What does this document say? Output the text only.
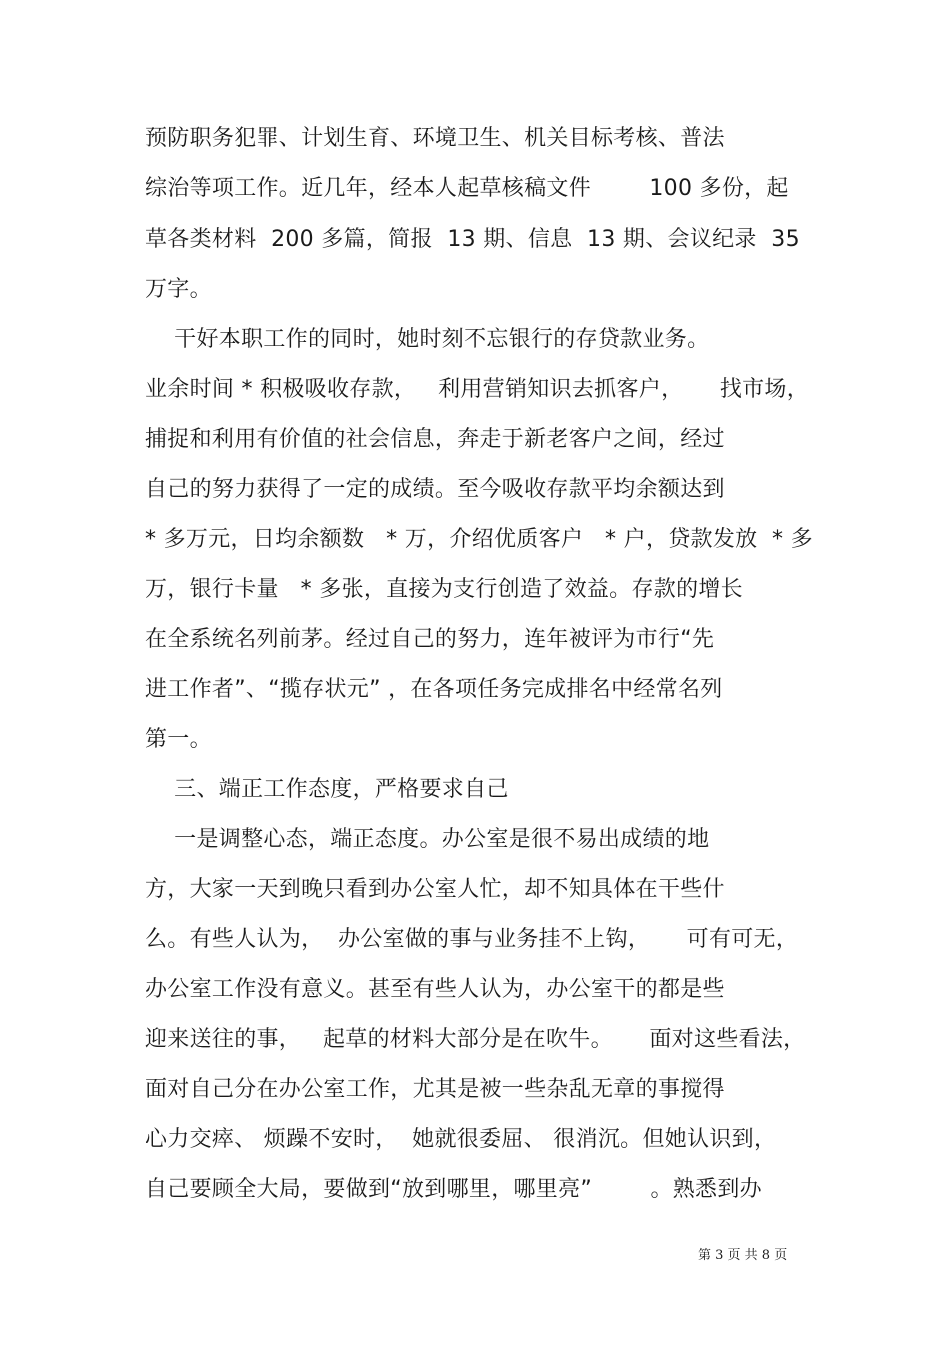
预防职务犯罪、计划生育、环境卫生、机关目标考核、普法
综治等项工作。近几年，经本人起草核稿文件        100 多份，起
草各类材料  200 多篇，简报  13 期、信息  13 期、会议纪录  35
万字。
干好本职工作的同时，她时刻不忘银行的存贷款业务。
业余时间 * 积极吸收存款，   利用营销知识去抓客户，     找市场，
捕捉和利用有价值的社会信息，奔走于新老客户之间，经过
自己的努力获得了一定的成绩。至今吸收存款平均余额达到
* 多万元，日均余额数   * 万，介绍优质客户   * 户，贷款发放  * 多
万，银行卡量   * 多张，直接为支行创造了效益。存款的增长
在全系统名列前茅。经过自己的努力，连年被评为市行“先
进工作者”、“揽存状元” ，在各项任务完成排名中经常名列
第一。
三、端正工作态度，严格要求自己
一是调整心态，端正态度。办公室是很不易出成绩的地
方，大家一天到晚只看到办公室人忙，却不知具体在干些什
么。有些人认为，  办公室做的事与业务挂不上钩，     可有可无，
办公室工作没有意义。甚至有些人认为，办公室干的都是些
迎来送往的事，   起草的材料大部分是在吹牛。     面对这些看法，
面对自己分在办公室工作，尤其是被一些杂乱无章的事搅得
心力交瘁、 烦躁不安时，  她就很委屈、 很消沉。但她认识到，
自己要顾全大局，要做到“放到哪里，哪里亮”        。熟悉到办
第 3 页 共 8 页
